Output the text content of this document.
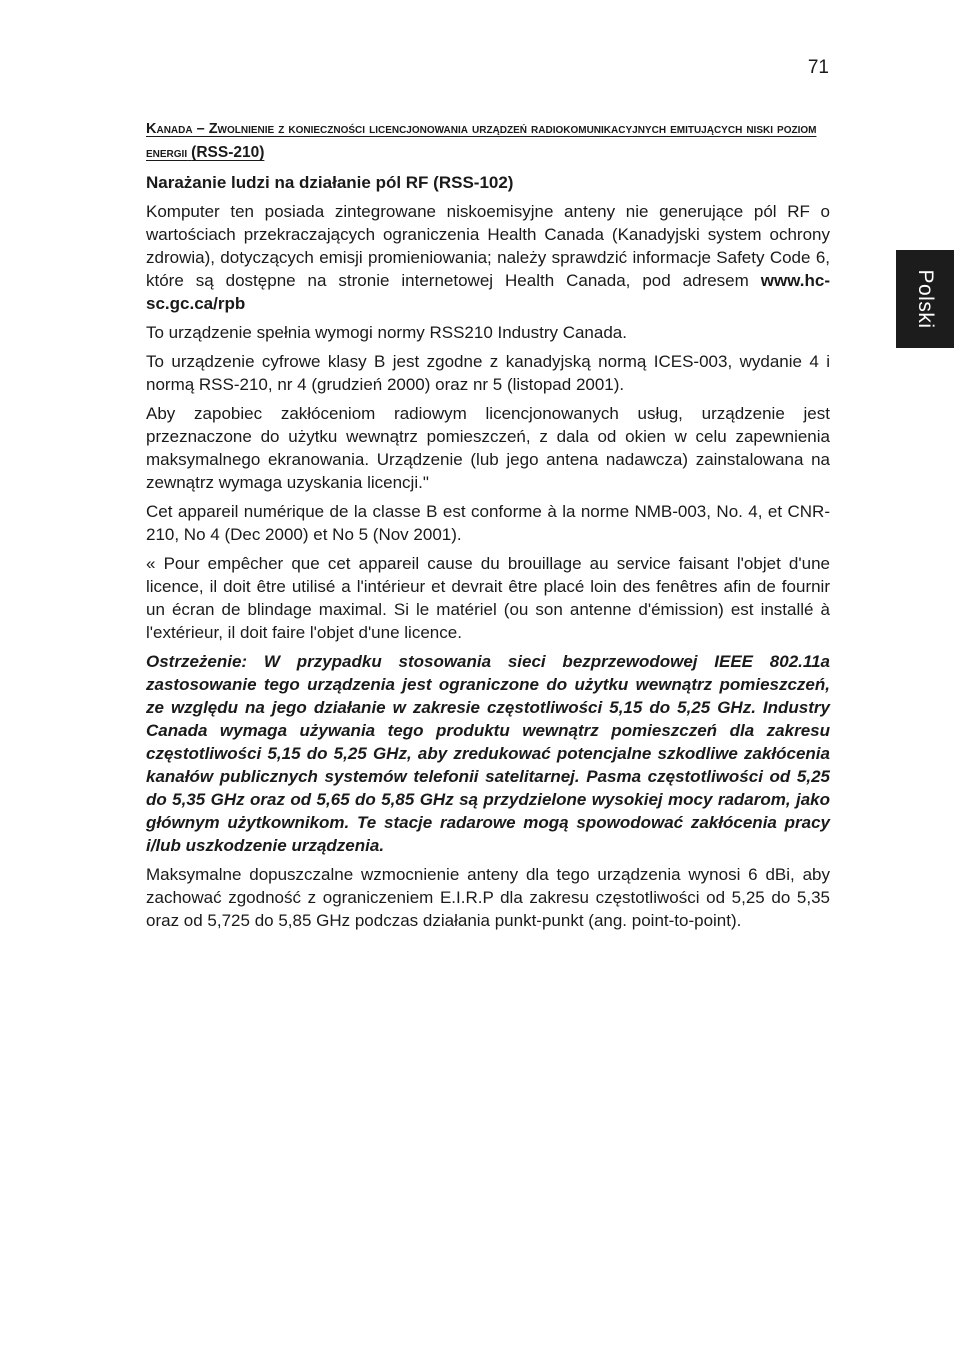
71
Polski
Kanada – Zwolnienie z konieczności licencjonowania urządzeń radiokomunikacyjnych emitujących niski poziom energii (RSS-210)
Narażanie ludzi na działanie pól RF (RSS-102)

Komputer ten posiada zintegrowane niskoemisyjne anteny nie generujące pól RF o wartościach przekraczających ograniczenia Health Canada (Kanadyjski system ochrony zdrowia), dotyczących emisji promieniowania; należy sprawdzić informacje Safety Code 6, które są dostępne na stronie internetowej Health Canada, pod adresem www.hc-sc.gc.ca/rpb

To urządzenie spełnia wymogi normy RSS210 Industry Canada.

To urządzenie cyfrowe klasy B jest zgodne z kanadyjską normą ICES-003, wydanie 4 i normą RSS-210, nr 4 (grudzień 2000) oraz nr 5 (listopad 2001).

Aby zapobiec zakłóceniom radiowym licencjonowanych usług, urządzenie jest przeznaczone do użytku wewnątrz pomieszczeń, z dala od okien w celu zapewnienia maksymalnego ekranowania. Urządzenie (lub jego antena nadawcza) zainstalowana na zewnątrz wymaga uzyskania licencji."

Cet appareil numérique de la classe B est conforme à la norme NMB-003, No. 4, et CNR-210, No 4 (Dec 2000) et No 5 (Nov 2001).

« Pour empêcher que cet appareil cause du brouillage au service faisant l'objet d'une licence, il doit être utilisé a l'intérieur et devrait être placé loin des fenêtres afin de fournir un écran de blindage maximal. Si le matériel (ou son antenne d'émission) est installé à l'extérieur, il doit faire l'objet d'une licence.

Ostrzeżenie: W przypadku stosowania sieci bezprzewodowej IEEE 802.11a zastosowanie tego urządzenia jest ograniczone do użytku wewnątrz pomieszczeń, ze względu na jego działanie w zakresie częstotliwości 5,15 do 5,25 GHz. Industry Canada wymaga używania tego produktu wewnątrz pomieszczeń dla zakresu częstotliwości 5,15 do 5,25 GHz, aby zredukować potencjalne szkodliwe zakłócenia kanałów publicznych systemów telefonii satelitarnej. Pasma częstotliwości od 5,25 do 5,35 GHz oraz od 5,65 do 5,85 GHz są przydzielone wysokiej mocy radarom, jako głównym użytkownikom. Te stacje radarowe mogą spowodować zakłócenia pracy i/lub uszkodzenie urządzenia.

Maksymalne dopuszczalne wzmocnienie anteny dla tego urządzenia wynosi 6 dBi, aby zachować zgodność z ograniczeniem E.I.R.P dla zakresu częstotliwości od 5,25 do 5,35 oraz od 5,725 do 5,85 GHz podczas działania punkt-punkt (ang. point-to-point).
